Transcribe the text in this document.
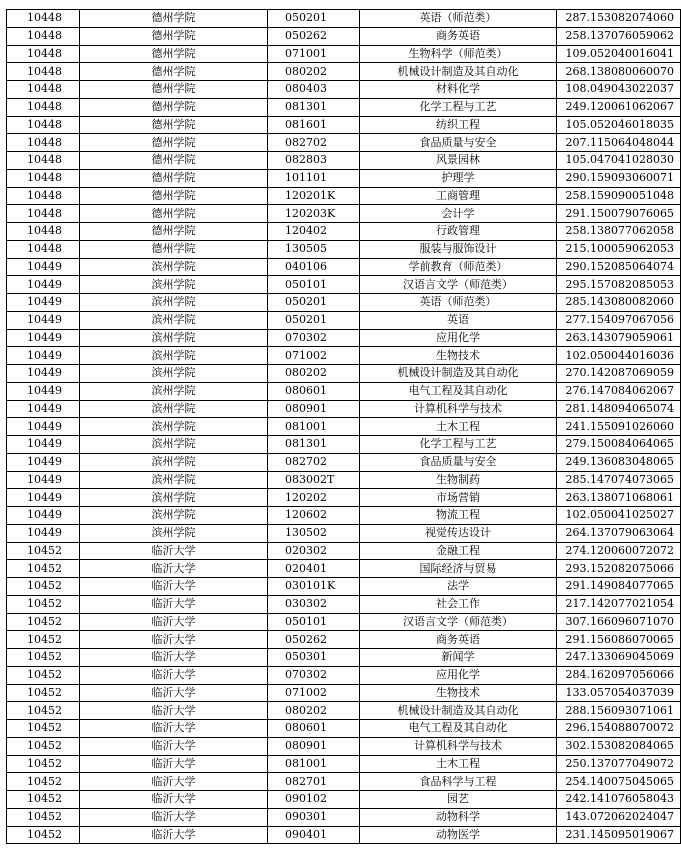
10448	德州学院	050201	英语（师范类）	287.153082074060
10448	德州学院	050262	商务英语	258.137076059062
10448	德州学院	071001	生物科学（师范类）	109.052040016041
10448	德州学院	080202	机械设计制造及其自动化	268.138080060070
10448	德州学院	080403	材料化学	108.049043022037
10448	德州学院	081301	化学工程与工艺	249.120061062067
10448	德州学院	081601	纺织工程	105.052046018035
10448	德州学院	082702	食品质量与安全	207.115064048044
10448	德州学院	082803	风景园林	105.047041028030
10448	德州学院	101101	护理学	290.159093060071
10448	德州学院	120201K	工商管理	258.159090051048
10448	德州学院	120203K	会计学	291.150079076065
10448	德州学院	120402	行政管理	258.138077062058
10448	德州学院	130505	服装与服饰设计	215.100059062053
10449	滨州学院	040106	学前教育（师范类）	290.152085064074
10449	滨州学院	050101	汉语言文学（师范类）	295.157082085053
10449	滨州学院	050201	英语（师范类）	285.143080082060
10449	滨州学院	050201	英语	277.154097067056
10449	滨州学院	070302	应用化学	263.143079059061
10449	滨州学院	071002	生物技术	102.050044016036
10449	滨州学院	080202	机械设计制造及其自动化	270.142087069059
10449	滨州学院	080601	电气工程及其自动化	276.147084062067
10449	滨州学院	080901	计算机科学与技术	281.148094065074
10449	滨州学院	081001	土木工程	241.155091026060
10449	滨州学院	081301	化学工程与工艺	279.150084064065
10449	滨州学院	082702	食品质量与安全	249.136083048065
10449	滨州学院	083002T	生物制药	285.147074073065
10449	滨州学院	120202	市场营销	263.138071068061
10449	滨州学院	120602	物流工程	102.050041025027
10449	滨州学院	130502	视觉传达设计	264.137079063064
10452	临沂大学	020302	金融工程	274.120060072072
10452	临沂大学	020401	国际经济与贸易	293.152082075066
10452	临沂大学	030101K	法学	291.149084077065
10452	临沂大学	030302	社会工作	217.142077021054
10452	临沂大学	050101	汉语言文学（师范类）	307.166096071070
10452	临沂大学	050262	商务英语	291.156086070065
10452	临沂大学	050301	新闻学	247.133069045069
10452	临沂大学	070302	应用化学	284.162097056066
10452	临沂大学	071002	生物技术	133.057054037039
10452	临沂大学	080202	机械设计制造及其自动化	288.156093071061
10452	临沂大学	080601	电气工程及其自动化	296.154088070072
10452	临沂大学	080901	计算机科学与技术	302.153082084065
10452	临沂大学	081001	土木工程	250.137077049072
10452	临沂大学	082701	食品科学与工程	254.140075045065
10452	临沂大学	090102	园艺	242.141076058043
10452	临沂大学	090301	动物科学	143.072062024047
10452	临沂大学	090401	动物医学	231.145095019067
